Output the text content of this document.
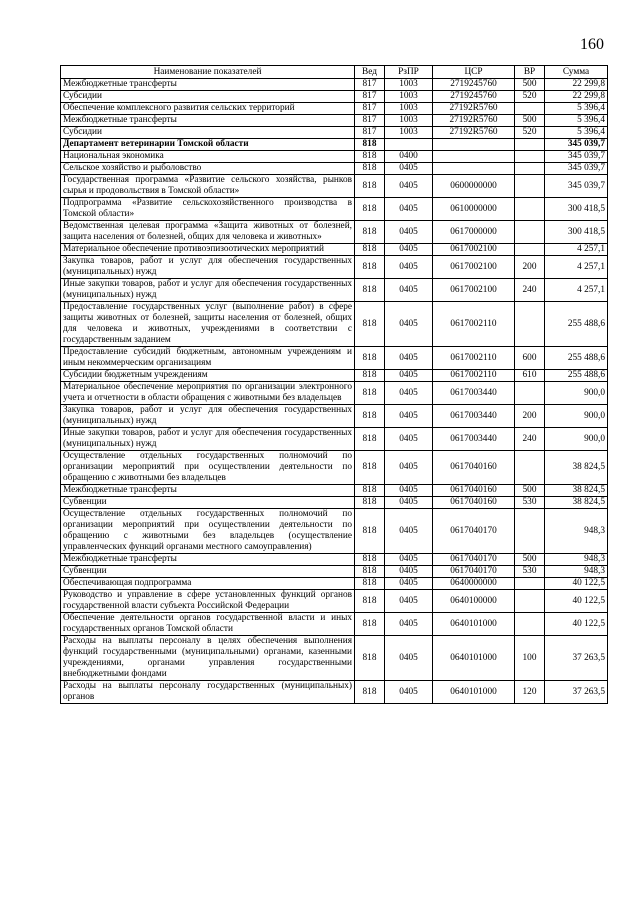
160
Наименование показателей	Вед	РзПР	ЦСР	ВР	Сумма
Межбюджетные трансферты	817	1003	2719245760	500	22 299,8
Субсидии	817	1003	2719245760	520	22 299,8
Обеспечение комплексного развития сельских территорий	817	1003	27192R5760		5 396,4
Межбюджетные трансферты	817	1003	27192R5760	500	5 396,4
Субсидии	817	1003	27192R5760	520	5 396,4
Департамент ветеринарии Томской области	818				345 039,7
Национальная экономика	818	0400			345 039,7
Сельское хозяйство и рыболовство	818	0405			345 039,7
Государственная программа «Развитие сельского хозяйства, рынков сырья и продовольствия в Томской области»	818	0405	0600000000		345 039,7
Подпрограмма «Развитие сельскохозяйственного производства в Томской области»	818	0405	0610000000		300 418,5
Ведомственная целевая программа «Защита животных от болезней, защита населения от болезней, общих для человека и животных»	818	0405	0617000000		300 418,5
Материальное обеспечение противоэпизоотических мероприятий	818	0405	0617002100		4 257,1
Закупка товаров, работ и услуг для обеспечения государственных (муниципальных) нужд	818	0405	0617002100	200	4 257,1
Иные закупки товаров, работ и услуг для обеспечения государственных (муниципальных) нужд	818	0405	0617002100	240	4 257,1
Предоставление государственных услуг (выполнение работ) в сфере защиты животных от болезней, защиты населения от болезней, общих для человека и животных, учреждениями в соответствии с государственным заданием	818	0405	0617002110		255 488,6
Предоставление субсидий бюджетным, автономным учреждениям и иным некоммерческим организациям	818	0405	0617002110	600	255 488,6
Субсидии бюджетным учреждениям	818	0405	0617002110	610	255 488,6
Материальное обеспечение мероприятия по организации электронного учета и отчетности в области обращения с животными без владельцев	818	0405	0617003440		900,0
Закупка товаров, работ и услуг для обеспечения государственных (муниципальных) нужд	818	0405	0617003440	200	900,0
Иные закупки товаров, работ и услуг для обеспечения государственных (муниципальных) нужд	818	0405	0617003440	240	900,0
Осуществление отдельных государственных полномочий по организации мероприятий при осуществлении деятельности по обращению с животными без владельцев	818	0405	0617040160		38 824,5
Межбюджетные трансферты	818	0405	0617040160	500	38 824,5
Субвенции	818	0405	0617040160	530	38 824,5
Осуществление отдельных государственных полномочий по организации мероприятий при осуществлении деятельности по обращению с животными без владельцев (осуществление управленческих функций органами местного самоуправления)	818	0405	0617040170		948,3
Межбюджетные трансферты	818	0405	0617040170	500	948,3
Субвенции	818	0405	0617040170	530	948,3
Обеспечивающая подпрограмма	818	0405	0640000000		40 122,5
Руководство и управление в сфере установленных функций органов государственной власти субъекта Российской Федерации	818	0405	0640100000		40 122,5
Обеспечение деятельности органов государственной власти и иных государственных органов Томской области	818	0405	0640101000		40 122,5
Расходы на выплаты персоналу в целях обеспечения выполнения функций государственными (муниципальными) органами, казенными учреждениями, органами управления государственными внебюджетными фондами	818	0405	0640101000	100	37 263,5
Расходы на выплаты персоналу государственных (муниципальных) органов	818	0405	0640101000	120	37 263,5
